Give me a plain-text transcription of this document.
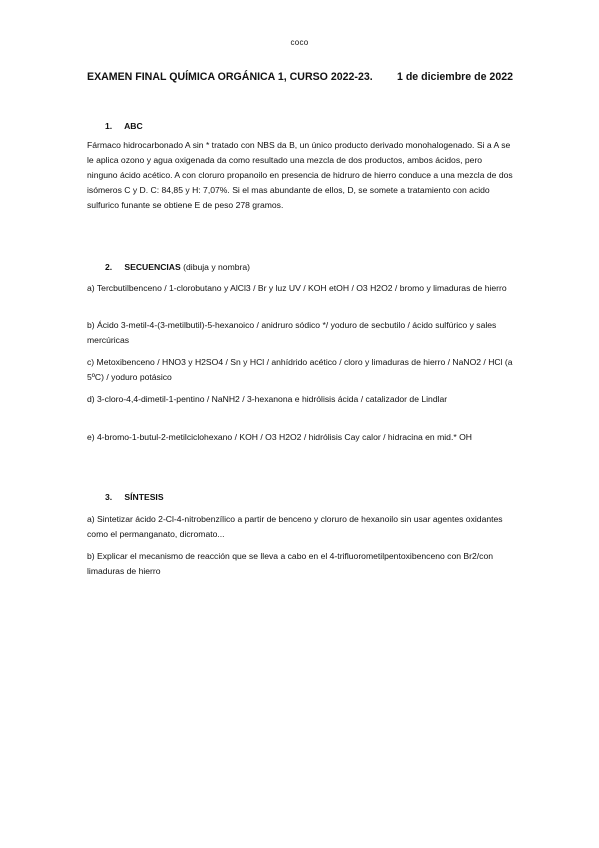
coco
EXAMEN FINAL QUÍMICA ORGÁNICA 1, CURSO 2022-23.	1 de diciembre de 2022
1. ABC
Fármaco hidrocarbonado A sin * tratado con NBS da B, un único producto derivado monohalogenado. Si a A se le aplica ozono y agua oxigenada da como resultado una mezcla de dos productos, ambos ácidos, pero ninguno ácido acético. A con cloruro propanoilo en presencia de hidruro de hierro conduce a una mezcla de dos isómeros C y D. C: 84,85 y H: 7,07%. Si el mas abundante de ellos, D, se somete a tratamiento con acido sulfurico funante se obtiene E de peso 278 gramos.
2. SECUENCIAS (dibuja y nombra)
a) Tercbutilbenceno / 1-clorobutano y AlCl3 / Br y luz UV / KOH etOH / O3 H2O2 / bromo y limaduras de hierro
b) Ácido 3-metil-4-(3-metilbutil)-5-hexanoico / anidruro sódico */ yoduro de secbutilo / ácido sulfúrico y sales mercúricas
c) Metoxibenceno / HNO3 y H2SO4 / Sn y HCl / anhídrido acético / cloro y limaduras de hierro / NaNO2 / HCl (a 5ºC) / yoduro potásico
d) 3-cloro-4,4-dimetil-1-pentino / NaNH2 / 3-hexanona e hidrólisis ácida / catalizador de Lindlar
e) 4-bromo-1-butul-2-metilciclohexano / KOH / O3 H2O2 / hidrólisis Cay calor / hidracina en mid.* OH
3. SÍNTESIS
a) Sintetizar ácido 2-Cl-4-nitrobenzílico a partir de benceno y cloruro de hexanoilo sin usar agentes oxidantes como el permanganato, dicromato...
b) Explicar el mecanismo de reacción que se lleva a cabo en el 4-trifluorometilpentoxibenceno con Br2/con limaduras de hierro
